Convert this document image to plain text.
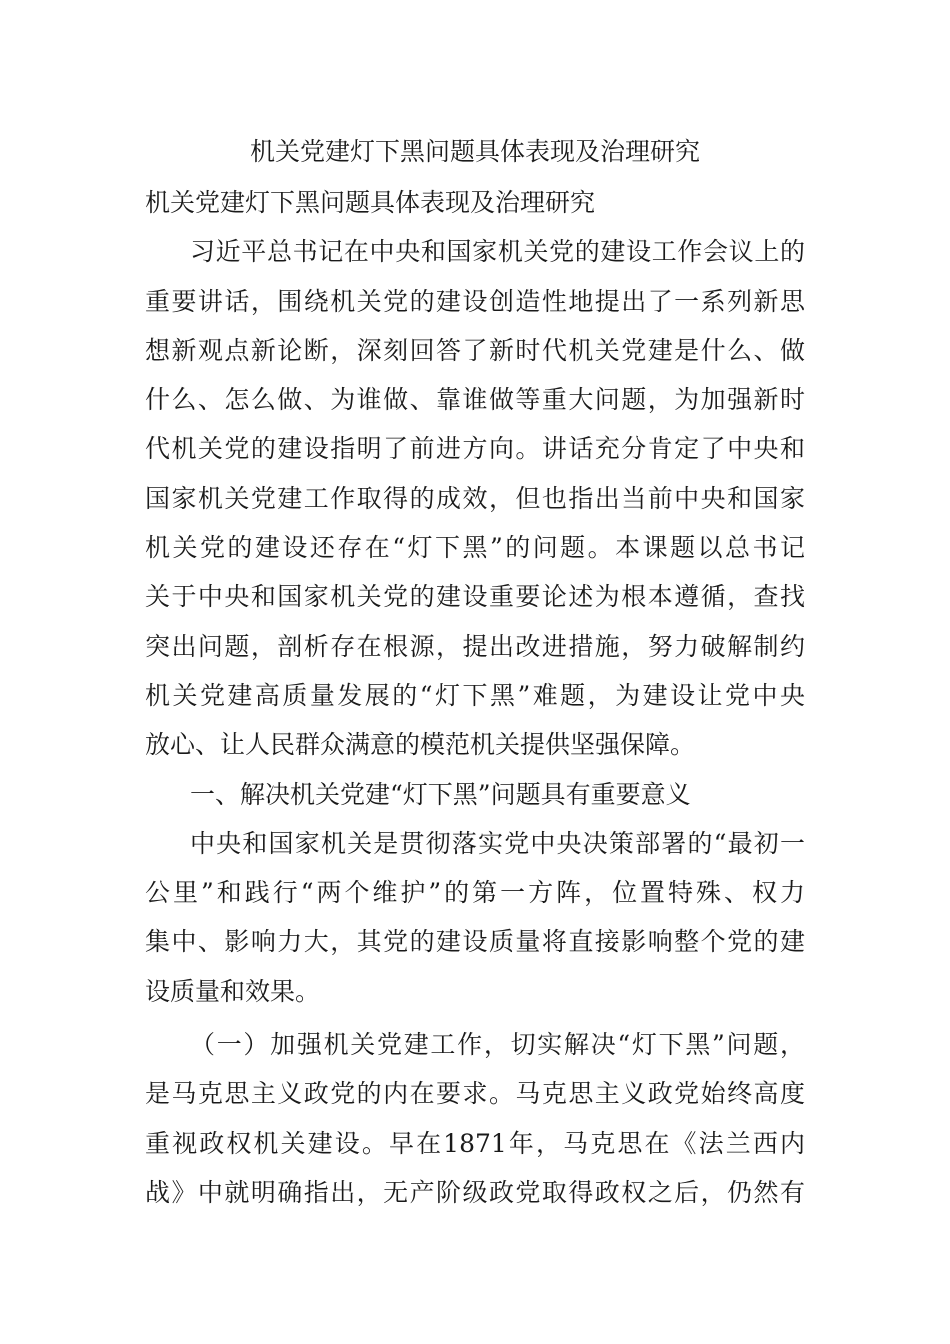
机关党建灯下黑问题具体表现及治理研究
机关党建灯下黑问题具体表现及治理研究
习近平总书记在中央和国家机关党的建设工作会议上的
重要讲话，围绕机关党的建设创造性地提出了一系列新思
想新观点新论断，深刻回答了新时代机关党建是什么、做
什么、怎么做、为谁做、靠谁做等重大问题，为加强新时
代机关党的建设指明了前进方向。讲话充分肯定了中央和
国家机关党建工作取得的成效，但也指出当前中央和国家
机关党的建设还存在“灯下黑”的问题。本课题以总书记
关于中央和国家机关党的建设重要论述为根本遵循，查找
突出问题，剖析存在根源，提出改进措施，努力破解制约
机关党建高质量发展的“灯下黑”难题，为建设让党中央
放心、让人民群众满意的模范机关提供坚强保障。
一、解决机关党建“灯下黑”问题具有重要意义
中央和国家机关是贯彻落实党中央决策部署的“最初一
公里”和践行“两个维护”的第一方阵，位置特殊、权力
集中、影响力大，其党的建设质量将直接影响整个党的建
设质量和效果。
（一）加强机关党建工作，切实解决“灯下黑”问题，
是马克思主义政党的内在要求。马克思主义政党始终高度
重视政权机关建设。早在1871年，马克思在《法兰西内
战》中就明确指出，无产阶级政党取得政权之后，仍然有
